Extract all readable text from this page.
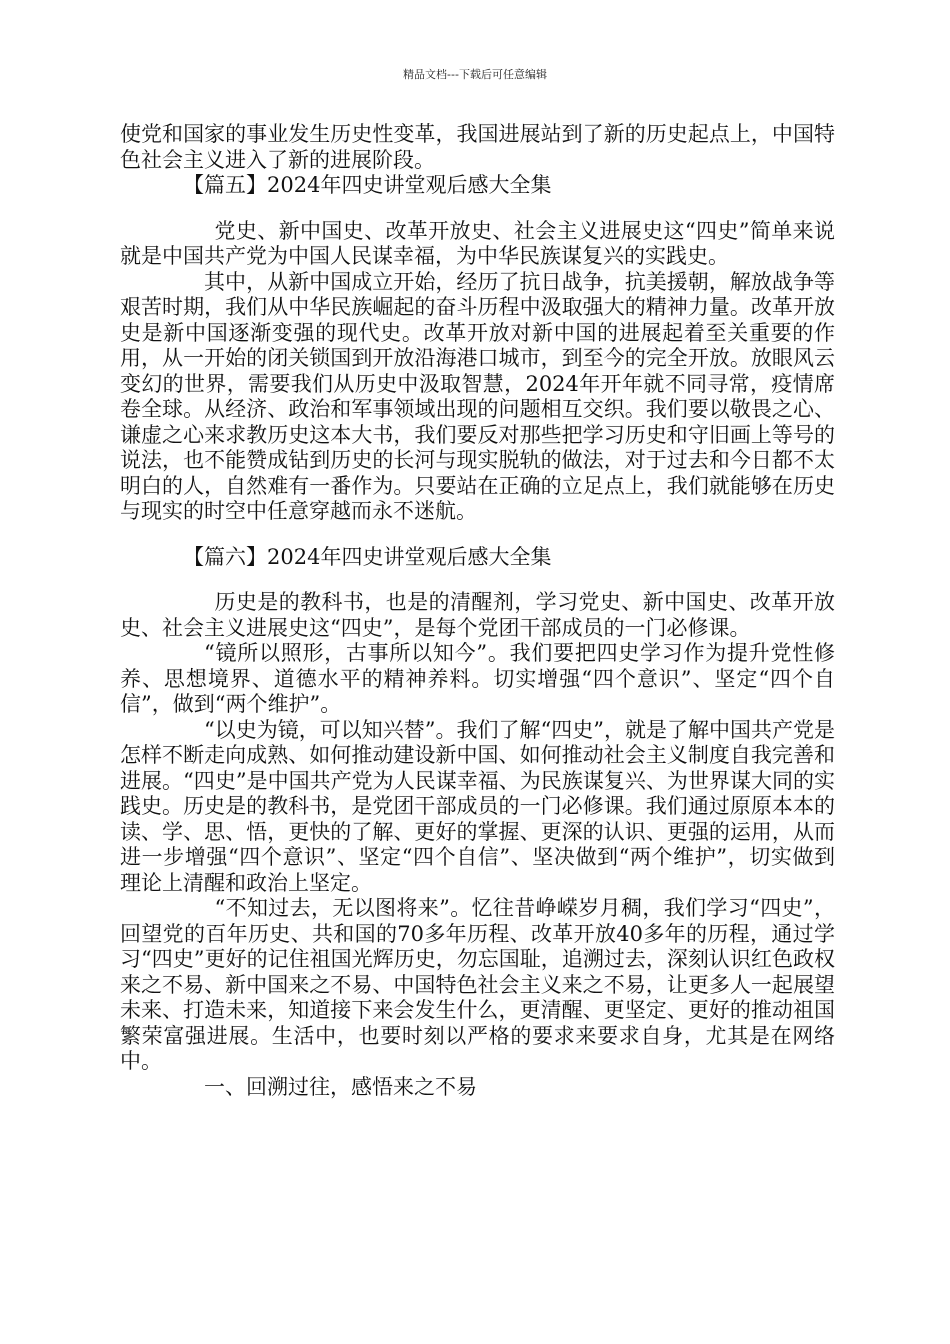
精品文档---下载后可任意编辑

使党和国家的事业发生历史性变革，我国进展站到了新的历史起点上，中国特色社会主义进入了新的进展阶段。

【篇五】2024年四史讲堂观后感大全集

党史、新中国史、改革开放史、社会主义进展史这“四史”简单来说就是中国共产党为中国人民谋幸福，为中华民族谋复兴的实践史。

其中，从新中国成立开始，经历了抗日战争，抗美援朝，解放战争等艰苦时期，我们从中华民族崛起的奋斗历程中汲取强大的精神力量。改革开放史是新中国逐渐变强的现代史。改革开放对新中国的进展起着至关重要的作用，从一开始的闭关锁国到开放沿海港口城市，到至今的完全开放。放眼风云变幻的世界，需要我们从历史中汲取智慧，2024年开年就不同寻常，疫情席卷全球。从经济、政治和军事领域出现的问题相互交织。我们要以敬畏之心、谦虚之心来求教历史这本大书，我们要反对那些把学习历史和守旧画上等号的说法，也不能赞成钻到历史的长河与现实脱轨的做法，对于过去和今日都不太明白的人，自然难有一番作为。只要站在正确的立足点上，我们就能够在历史与现实的时空中任意穿越而永不迷航。

【篇六】2024年四史讲堂观后感大全集

历史是的教科书，也是的清醒剂，学习党史、新中国史、改革开放史、社会主义进展史这“四史”，是每个党团干部成员的一门必修课。

“镜所以照形，古事所以知今”。我们要把四史学习作为提升党性修养、思想境界、道德水平的精神养料。切实增强“四个意识”、坚定“四个自信”，做到“两个维护”。

“以史为镜，可以知兴替”。我们了解“四史”，就是了解中国共产党是怎样不断走向成熟、如何推动建设新中国、如何推动社会主义制度自我完善和进展。“四史”是中国共产党为人民谋幸福、为民族谋复兴、为世界谋大同的实践史。历史是的教科书，是党团干部成员的一门必修课。我们通过原原本本的读、学、思、悟，更快的了解、更好的掌握、更深的认识、更强的运用，从而进一步增强“四个意识”、坚定“四个自信”、坚决做到“两个维护”，切实做到理论上清醒和政治上坚定。

“不知过去，无以图将来”。忆往昔峥嵘岁月稠，我们学习“四史”，回望党的百年历史、共和国的70多年历程、改革开放40多年的历程，通过学习“四史”更好的记住祖国光辉历史，勿忘国耻，追溯过去，深刻认识红色政权来之不易、新中国来之不易、中国特色社会主义来之不易，让更多人一起展望未来、打造未来，知道接下来会发生什么，更清醒、更坚定、更好的推动祖国繁荣富强进展。生活中，也要时刻以严格的要求来要求自身，尤其是在网络中。

一、回溯过往，感悟来之不易
